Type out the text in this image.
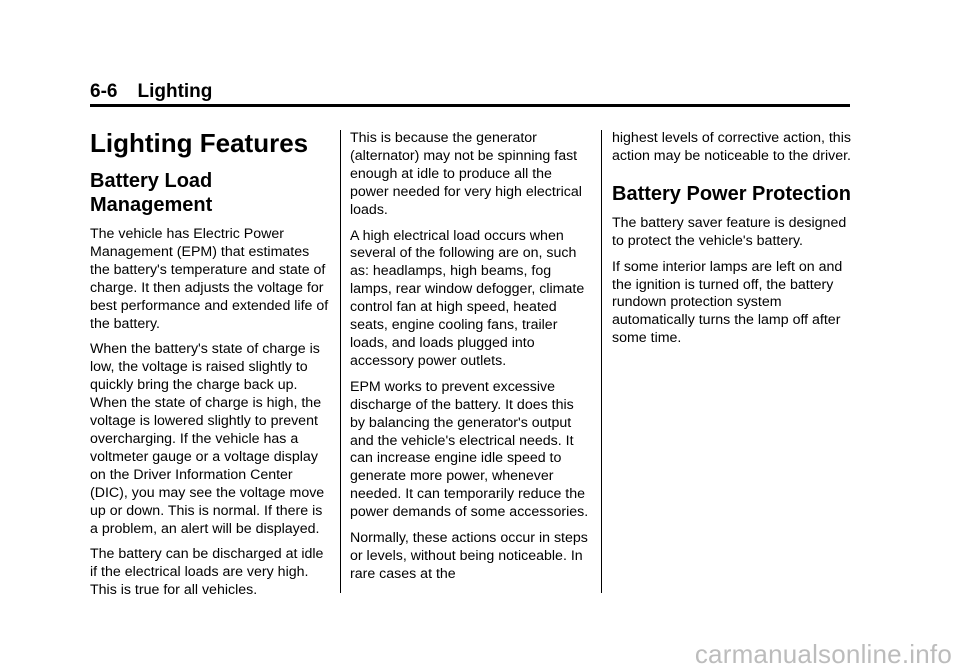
6-6 Lighting
Lighting Features
Battery Load Management

The vehicle has Electric Power Management (EPM) that estimates the battery's temperature and state of charge. It then adjusts the voltage for best performance and extended life of the battery.

When the battery's state of charge is low, the voltage is raised slightly to quickly bring the charge back up. When the state of charge is high, the voltage is lowered slightly to prevent overcharging. If the vehicle has a voltmeter gauge or a voltage display on the Driver Information Center (DIC), you may see the voltage move up or down. This is normal. If there is a problem, an alert will be displayed.

The battery can be discharged at idle if the electrical loads are very high. This is true for all vehicles.

This is because the generator (alternator) may not be spinning fast enough at idle to produce all the power needed for very high electrical loads.

A high electrical load occurs when several of the following are on, such as: headlamps, high beams, fog lamps, rear window defogger, climate control fan at high speed, heated seats, engine cooling fans, trailer loads, and loads plugged into accessory power outlets.

EPM works to prevent excessive discharge of the battery. It does this by balancing the generator's output and the vehicle's electrical needs. It can increase engine idle speed to generate more power, whenever needed. It can temporarily reduce the power demands of some accessories.

Normally, these actions occur in steps or levels, without being noticeable. In rare cases at the

highest levels of corrective action, this action may be noticeable to the driver.

Battery Power Protection

The battery saver feature is designed to protect the vehicle's battery.

If some interior lamps are left on and the ignition is turned off, the battery rundown protection system automatically turns the lamp off after some time.

carmanualsonline.info
